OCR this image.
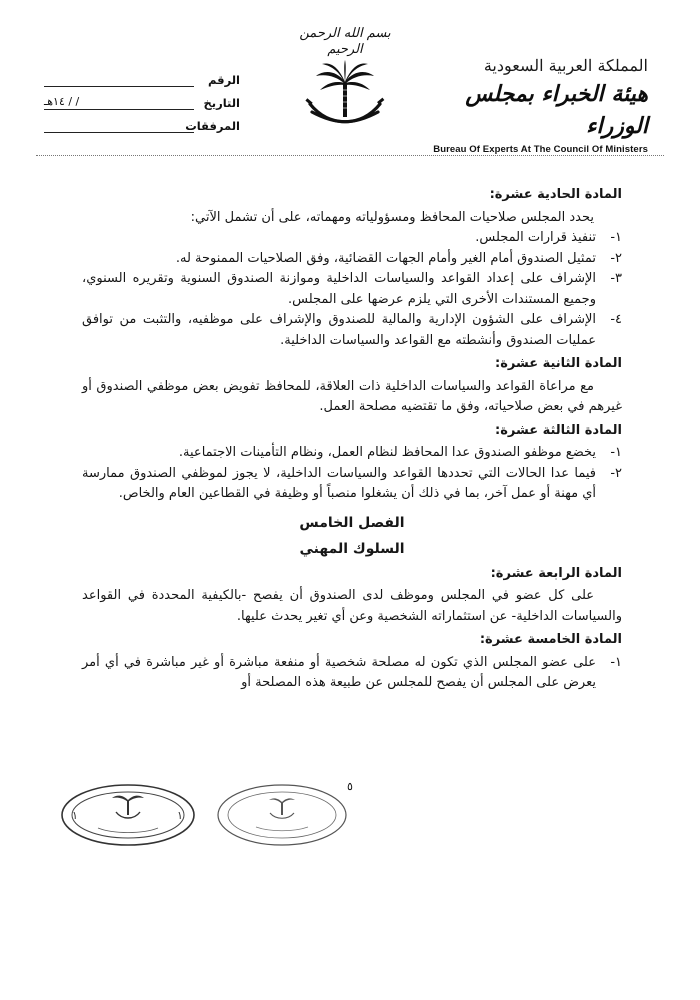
المملكة العربية السعودية
هيئة الخبراء بمجلس الوزراء
Bureau Of Experts At The Council Of Ministers
بسم الله الرحمن الرحيم
الرقم
التاريخ
/ / ١٤هـ
المرفقات
المادة الحادية عشرة:

يحدد المجلس صلاحيات المحافظ ومسؤولياته ومهماته، على أن تشمل الآتي:

١-
تنفيذ قرارات المجلس.
٢-
تمثيل الصندوق أمام الغير وأمام الجهات القضائية، وفق الصلاحيات الممنوحة له.
٣-
الإشراف على إعداد القواعد والسياسات الداخلية وموازنة الصندوق السنوية وتقريره السنوي، وجميع المستندات الأخرى التي يلزم عرضها على المجلس.
٤-
الإشراف على الشؤون الإدارية والمالية للصندوق والإشراف على موظفيه، والتثبت من توافق عمليات الصندوق وأنشطته مع القواعد والسياسات الداخلية.
المادة الثانية عشرة:

مع مراعاة القواعد والسياسات الداخلية ذات العلاقة، للمحافظ تفويض بعض موظفي الصندوق أو غيرهم في بعض صلاحياته، وفق ما تقتضيه مصلحة العمل.

المادة الثالثة عشرة:
١-
يخضع موظفو الصندوق عدا المحافظ لنظام العمل، ونظام التأمينات الاجتماعية.
٢-
فيما عدا الحالات التي تحددها القواعد والسياسات الداخلية، لا يجوز لموظفي الصندوق ممارسة أي مهنة أو عمل آخر، بما في ذلك أن يشغلوا منصباً أو وظيفة في القطاعين العام والخاص.
الفصل الخامس
السلوك المهني
المادة الرابعة عشرة:

على كل عضو في المجلس وموظف لدى الصندوق أن يفصح -بالكيفية المحددة في القواعد والسياسات الداخلية- عن استثماراته الشخصية وعن أي تغير يحدث عليها.

المادة الخامسة عشرة:
١-
على عضو المجلس الذي تكون له مصلحة شخصية أو منفعة مباشرة أو غير مباشرة في أي أمر يعرض على المجلس أن يفصح للمجلس عن طبيعة هذه المصلحة أو
٥
١	١
